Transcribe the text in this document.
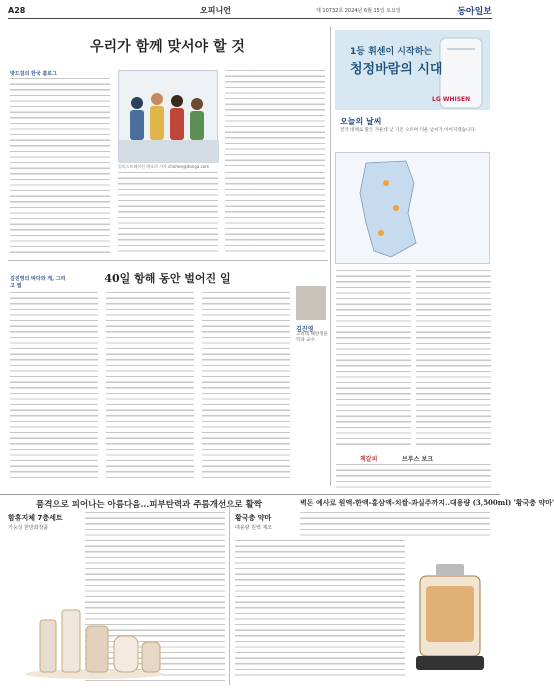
A28	오피니언	제 10732호 2024년 6월 15일 토요일	동아일보
우리가 함께 맞서야 할 것
밧드걸의 한국 블로그
일러스트레이션 박초희 기자 chohee@donga.com
40일 항해 동안 벌어진 일
김진영의 바다와 게, 그리고 썹
김진영
고려대 해양생물학과 교수
1등 휘센이 시작하는
청정바람의 시대
LG WHISEN
오늘의 날씨
전국 대체로 맑은 가운데 낮 기온 오르며 더운 날씨가 이어지겠습니다.
책갈피	브루스 보크
품격으로 피어나는 아름다음...피부탄력과 주름개선으로 활짝	벽돈 예사로 원액-한액-홍삼액-치쌀-과실주까지..대용량 (3,500ml) '황국충 약마'
함휴지체 7층세트
기능성 한방화장품
황국충 약마
대용량 원액 제조
